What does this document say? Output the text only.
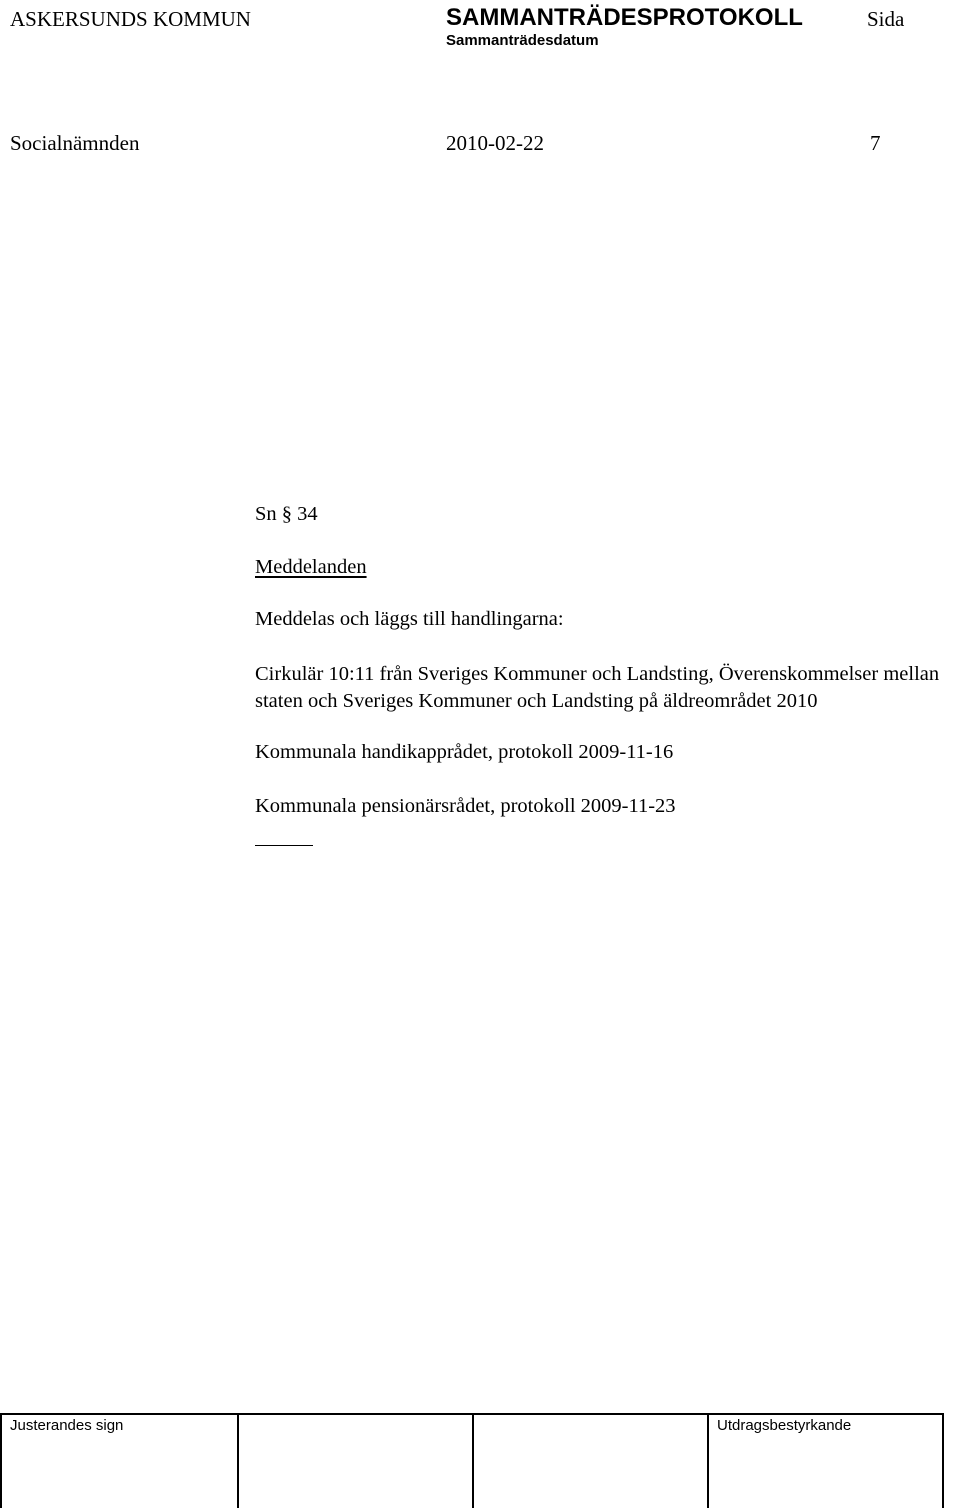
ASKERSUNDS KOMMUN	SAMMANTRÄDESPROTOKOLL	Sida
Sammanträdesdatum
Socialnämnden	2010-02-22	7
Sn § 34
Meddelanden
Meddelas och läggs till handlingarna:
Cirkulär 10:11 från Sveriges Kommuner och Landsting, Överenskommelser mellan staten och Sveriges Kommuner och Landsting på äldreområdet 2010
Kommunala handikapprådet, protokoll 2009-11-16
Kommunala pensionärsrådet, protokoll 2009-11-23
Justerandes sign	Utdragsbestyrkande
